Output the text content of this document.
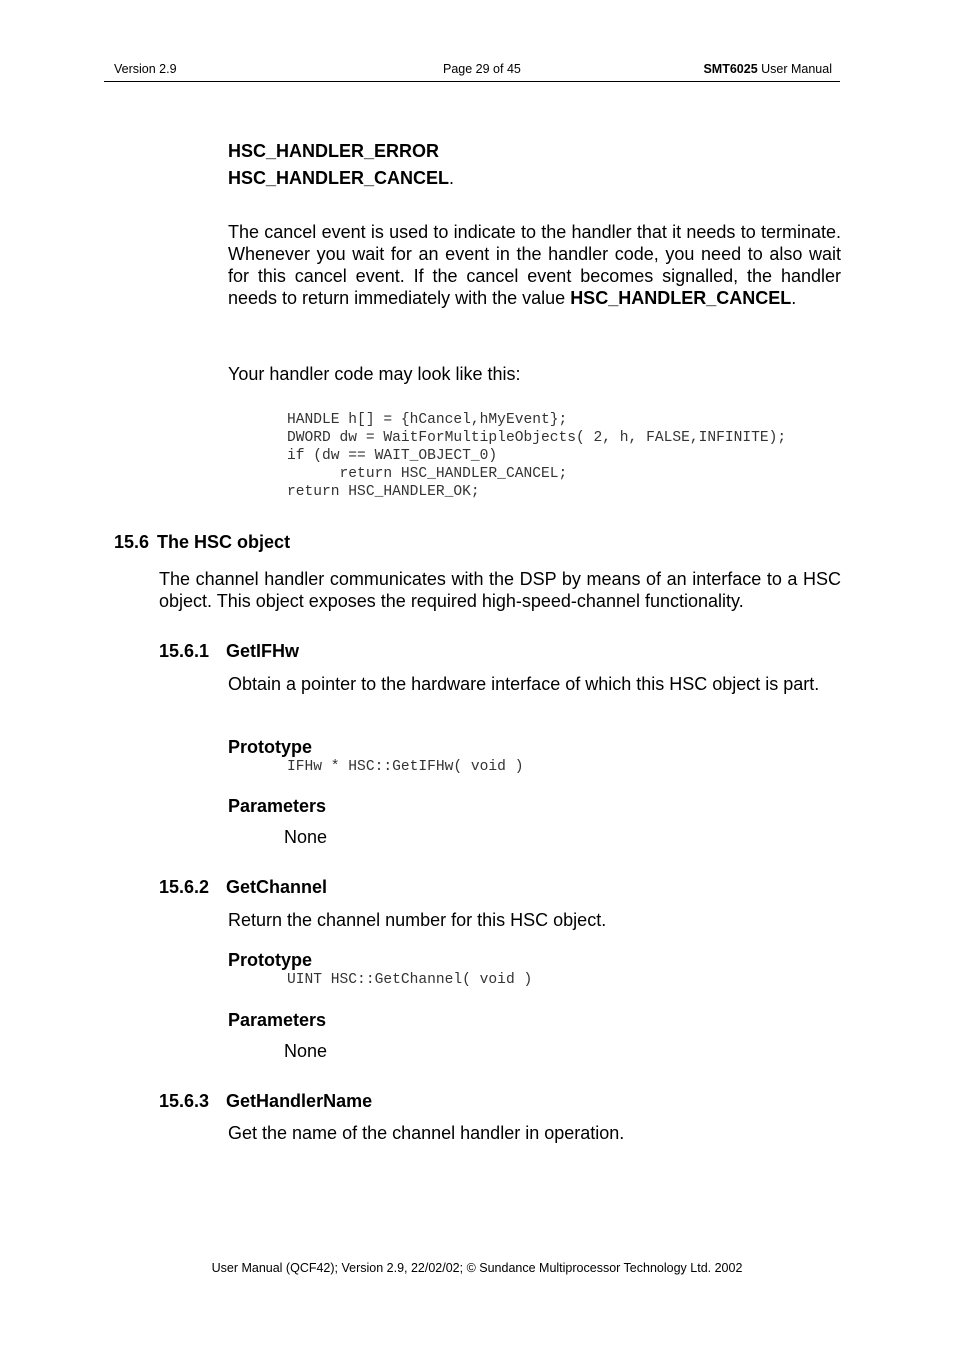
Version 2.9	Page 29 of 45	SMT6025 User Manual
HSC_HANDLER_ERROR
HSC_HANDLER_CANCEL.
The cancel event is used to indicate to the handler that it needs to terminate. Whenever you wait for an event in the handler code, you need to also wait for this cancel event. If the cancel event becomes signalled, the handler needs to return immediately with the value HSC_HANDLER_CANCEL.
Your handler code may look like this:
HANDLE h[] = {hCancel,hMyEvent};
DWORD dw = WaitForMultipleObjects( 2, h, FALSE,INFINITE);
if (dw == WAIT_OBJECT_0)
return HSC_HANDLER_CANCEL;
return HSC_HANDLER_OK;
15.6 The HSC object
The channel handler communicates with the DSP by means of an interface to a HSC object. This object exposes the required high-speed-channel functionality.
15.6.1 GetIFHw
Obtain a pointer to the hardware interface of which this HSC object is part.
Prototype
IFHw * HSC::GetIFHw( void )
Parameters
None
15.6.2 GetChannel
Return the channel number for this HSC object.
Prototype
UINT HSC::GetChannel( void )
Parameters
None
15.6.3 GetHandlerName
Get the name of the channel handler in operation.
User Manual (QCF42); Version 2.9, 22/02/02; © Sundance Multiprocessor Technology Ltd. 2002
